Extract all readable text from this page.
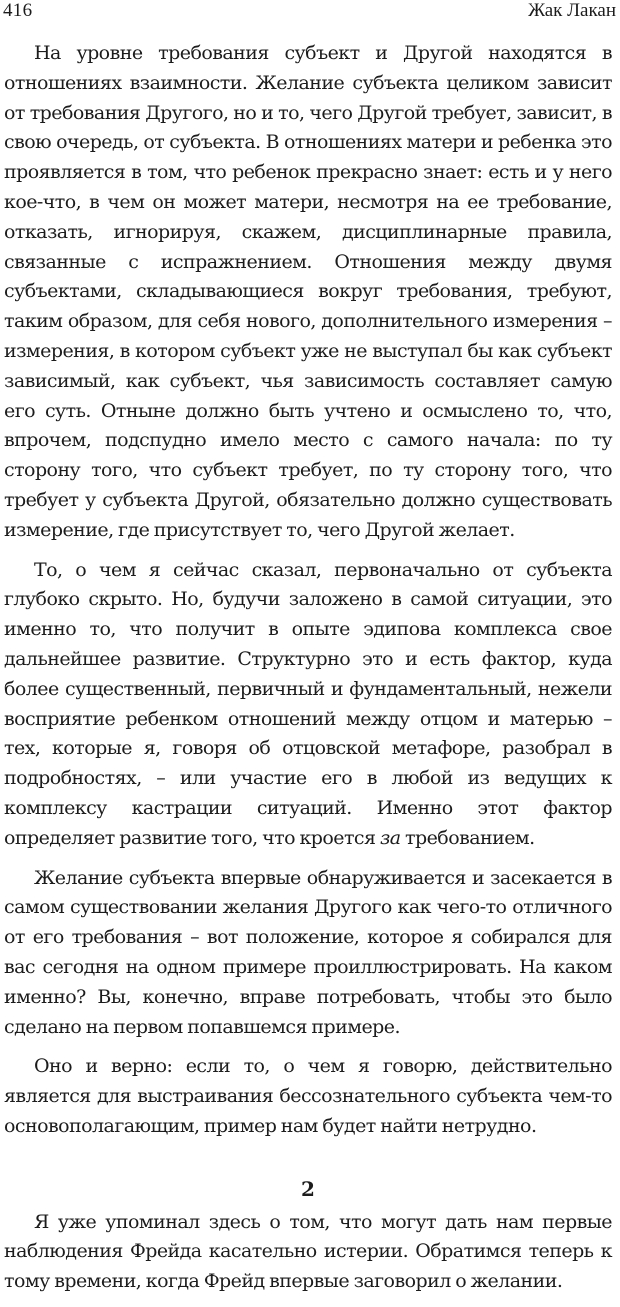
416	Жак Лакан

На уровне требования субъект и Другой находятся в отношениях взаимности. Желание субъекта целиком зависит от требования Другого, но и то, чего Другой требует, зависит, в свою очередь, от субъекта. В отношениях матери и ребенка это проявляется в том, что ребенок прекрасно знает: есть и у него кое-что, в чем он может матери, несмотря на ее требование, отказать, игнорируя, скажем, дисциплинарные правила, связанные с испражнением. Отношения между двумя субъектами, складывающиеся вокруг требования, требуют, таким образом, для себя нового, дополнительного измерения – измерения, в котором субъект уже не выступал бы как субъект зависимый, как субъект, чья зависимость составляет самую его суть. Отныне должно быть учтено и осмыслено то, что, впрочем, подспудно имело место с самого начала: по ту сторону того, что субъект требует, по ту сторону того, что требует у субъекта Другой, обязательно должно существовать измерение, где присутствует то, чего Другой желает.

То, о чем я сейчас сказал, первоначально от субъекта глубоко скрыто. Но, будучи заложено в самой ситуации, это именно то, что получит в опыте эдипова комплекса свое дальнейшее развитие. Структурно это и есть фактор, куда более существенный, первичный и фундаментальный, нежели восприятие ребенком отношений между отцом и матерью – тех, которые я, говоря об отцовской метафоре, разобрал в подробностях, – или участие его в любой из ведущих к комплексу кастрации ситуаций. Именно этот фактор определяет развитие того, что кроется за требованием.

Желание субъекта впервые обнаруживается и засекается в самом существовании желания Другого как чего-то отличного от его требования – вот положение, которое я собирался для вас сегодня на одном примере проиллюстрировать. На каком именно? Вы, конечно, вправе потребовать, чтобы это было сделано на первом попавшемся примере.

Оно и верно: если то, о чем я говорю, действительно является для выстраивания бессознательного субъекта чем-то основополагающим, пример нам будет найти нетрудно.

2

Я уже упоминал здесь о том, что могут дать нам первые наблюдения Фрейда касательно истерии. Обратимся теперь к тому времени, когда Фрейд впервые заговорил о желании.
